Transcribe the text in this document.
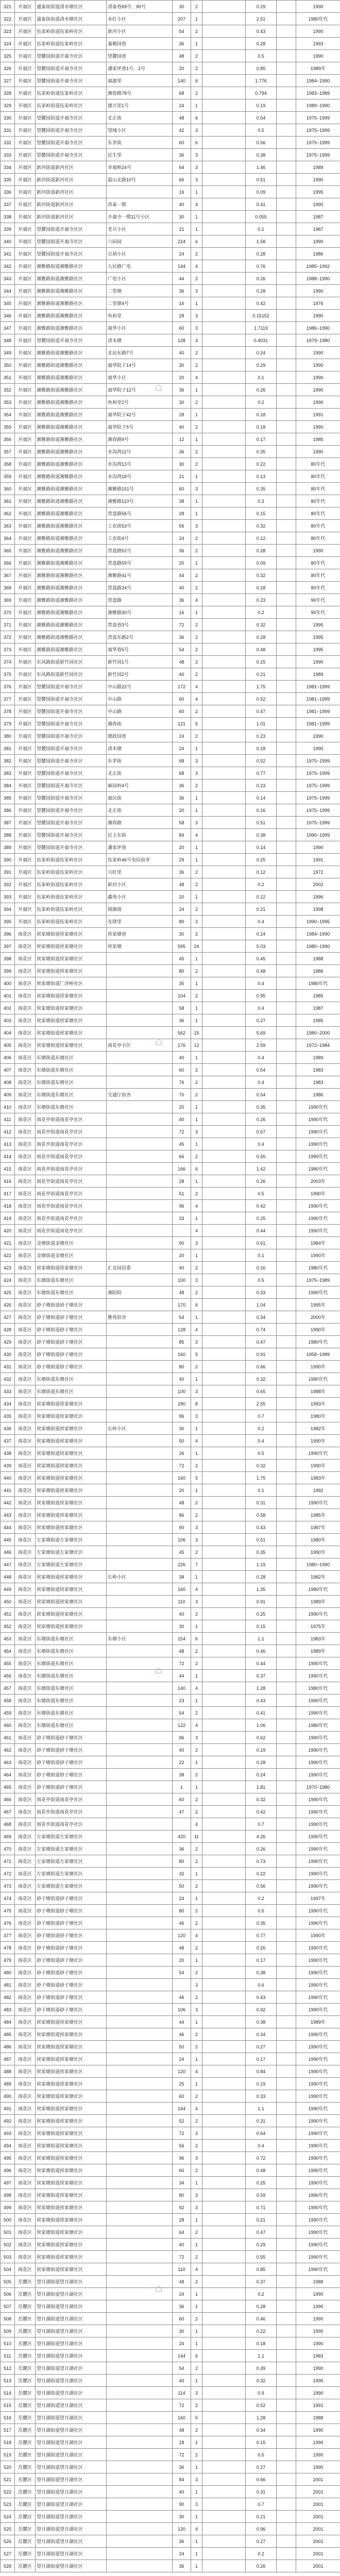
321	开福区	通泰街街道清水塘社区	清泰巷69号、90号	30	2		0.29		1990
322	开福区	通泰街街道清水塘社区	永红小区	207	1		2.51		1980年代
323	开福区	伍家岭街道伍家岭社区	新河小区	54	2		0.43		1990
324	开福区	伍家岭街道伍家岭社区	嘉顺园巷	36	1		0.28		1993
325	开福区	望麓园街道开福寺社区	望麓园巷	48	2		0.5		1990
326	开福区	望麓园街道开福寺社区	潘家坪巷1号、2号	20	2		0.85		1989年
327	开福区	望麓园街道开福寺社区	福源里	140	6		1.776		1984~1990
328	开福区	伍家岭街道伍家岭社区	湘春路78号	68	2		0.794		1983~1989
329	开福区	伍家岭街道伍家岭社区	德兴里1号	24	1		0.19		1989~1990
330	开福区	望麓园街道开福寺社区	北正街	48	6		0.54		1975~1999
331	开福区	望麓园街道开福寺社区	望城小区	42	3		0.5		1975~1999
332	开福区	望麓园街道开福寺社区	东茅街	60	6		0.56		1975~1999
333	开福区	望麓园街道开福寺社区	民生里	36	3		0.38		1975~1999
334	开福区	新河街道新河社区	幸福桥24号	64	3		1.46		1989
335	开福区	新河街道新河社区	韶山北路10号	66	3		0.51		1990
336	开福区	新河街道新河社区		16	1		0.09		1995
337	开福区	新河街道新河社区	洪泰一期	40	4		0.41		1990
338	开福区	新河街道新河社区	开福寺一期11号小区	30	1		0.055		1987
339	开福区	望麓园街道开福寺社区	老兵小区	21	1		0.1		1987
340	开福区	望麓园街道开福寺社区	六码园	224	6		1.58		1990
341	开福区	望麓园街道开福寺社区	宗胡小区	24	2		0.28		1986
342	开福区	湘雅路街道湘雅路社区	人民路广电	144	4		0.76		1985~1992
343	开福区	湘雅路街道湘雅路社区	广电小区	44	2		0.26		1988~1990
344	开福区	湘雅路街道湘雅路社区	二里塘	36	3		0.28		1990
345	开福区	湘雅路街道湘雅路社区	二里塘4号	16	1		0.42		1976
346	开福区	湘雅路街道湘雅路社区	鱼和堂	28	3		0.15152		1990
347	开福区	湘雅路街道湘雅路社区	福华小区	60	3		1.7119		1986~1990
348	开福区	望麓园街道开福寺社区	清水塘	128	4		0.4031		1979~1980
349	开福区	湘雅路街道湘雅路社区	北站东路7号	40	2		0.24		1990
350	开福区	湘雅路街道湘雅路社区	福华院子14号	30	2		0.29		1990
351	开福区	湘雅路街道湘雅路社区	福华小区	20	4		0.1		1990
352	开福区	湘雅路街道湘雅路社区	福华院子12号	36	1		0.26		1990
353	开福区	湘雅路街道湘雅路社区	鱼和堂2号	30	2		0.2		1990
354	开福区	湘雅路街道湘雅路社区	福华院子42号	28	1		0.18		1991
355	开福区	湘雅路街道湘雅路社区	福华院子5号	40	2		0.18		1990
356	开福区	湘雅路街道湘雅路社区	湘春路9号	12	1		0.17		1985
357	开福区	湘雅路街道湘雅路社区	水沟湾11号	36	2		0.35		1990
358	开福区	湘雅路街道湘雅路社区	水沟湾13号	30	2		0.22		80年代
359	开福区	湘雅路街道湘雅路社区	水沟湾18号	21	1		0.13		80年代
360	开福区	湘雅路街道湘雅路社区	湘雅路151号	60	3		0.35		80年代
361	开福区	湘雅路街道湘雅路社区	湘雅路110号	38	1		0.3		80年代
362	开福区	湘雅路街道湘雅路社区	营盘路56号	28	1		0.15		80年代
363	开福区	湘雅路街道湘雅路社区	工农街53号	56	3		0.32		80年代
364	开福区	湘雅路街道湘雅路社区	工农街4号	24	2		0.12		80年代
365	开福区	湘雅路街道湘雅路社区	营盘路52号	36	2		0.28		1990
366	开福区	湘雅路街道湘雅路社区	营盘路59号	20	1		0.09		80年代
367	开福区	湘雅路街道湘雅路社区	湘雅路41号	44	2		0.32		80年代
368	开福区	湘雅路街道湘雅路社区	营盘路24号	40	2		0.18		80年代
369	开福区	湘雅路街道湘雅路社区	营盘路	36	4		0.23		90年代
370	开福区	湘雅路街道湘雅路社区	湘雅路30号	16	1		0.2		90年代
371	开福区	湘雅路街道湘雅路社区	营盘巷3号	72	2		0.32		1995
372	开福区	湘雅路街道湘雅路社区	营盘东路2号	36	2		0.28		1995
373	开福区	湘雅路街道湘雅路社区	福华巷5号	54	2		0.48		1995
374	开福区	东风路街道新竹园社区	新竹园1号	48	2		0.15		1990
375	开福区	东风路街道新竹园社区	新竹园2号	40	2		0.21		1989
376	开福区	望麓园街道开福寺社区	中山路22号	172	4		1.75		1981~1999
377	开福区	望麓园街道开福寺社区	中山路	60	4		0.52		1981~1999
378	开福区	望麓园街道开福寺社区	中山路	60	2		0.47		1981~1999
379	开福区	望麓园街道开福寺社区	湘春街	121	5		1.01		1981~1999
380	开福区	望麓园街道开福寺社区	德政园巷	24	2		0.23		1990
381	开福区	望麓园街道开福寺社区	清水塘	24	1		0.18		1990
382	开福区	望麓园街道开福寺社区	东茅街	68	3		0.52		1975~1999
383	开福区	望麓园街道开福寺社区	北正街	68	3		0.77		1975~1999
384	开福区	望麓园街道开福寺社区	麻园岭4号	36	2		0.23		1975~1999
385	开福区	望麓园街道开福寺社区	福庆街	36	1		0.14		1975~1999
386	开福区	望麓园街道开福寺社区	北正街	20	1		0.16		1975~1999
387	开福区	望麓园街道开福寺社区	湘春路	58	3		0.51		1975~1999
388	开福区	望麓园街道开福寺社区	民主东街	84	4		0.38		1990~1999
389	开福区	望麓园街道开福寺社区	潘家坪巷	20	1		0.14		1990
390	开福区	伍家岭街道伍家岭社区	伍家岭46号电信宿舍	29	1		0.25		1991
391	开福区	伍家岭街道伍家岭社区	兴旺里	36	2		0.12		1972
392	开福区	伍家岭街道伍家岭社区	新河小区	48	2		0.2		2002
393	开福区	伍家岭街道伍家岭社区	鑫苑小区	20	1		0.12		1996
394	开福区	伍家岭街道伍家岭社区	锦旗坡	24	2		0.21		1998
395	开福区	伍家岭街道伍家岭社区	先锋里	80	3		0.4		1990~1995
396	雨花区	侯家塘街道侯家塘社区	侯家塘巷	30	2		0.24		1984~1990
397	雨花区	侯家塘街道侯家塘社区	侯家塘	595	24		5.03		1980~1990
398	雨花区	侯家塘街道侯家塘社区		45	1		0.45		1988
399	雨花区	侯家塘街道侯家塘社区		80	2		0.48		1986
400	雨花区	侯家塘街道广济桥社区		35	1		0.4		1980年代
401	雨花区	侯家塘街道侯家塘社区		104	2		0.95		1985
402	雨花区	侯家塘街道侯家塘社区		58	1		0.4		1987
403	雨花区	侯家塘街道侯家塘社区		36	1		0.27		1985
404	雨花区	侯家塘街道侯家塘社区		562	15		5.69		1980~2000
405	雨花区	侯家塘街道侯家塘社区	雨花亭小区	176	12		2.59		1972~1984
406	雨花区	东塘街道东塘社区		40	1		0.4		1989
407	雨花区	东塘街道东塘社区		60	2		0.54		1983
408	雨花区	东塘街道东塘社区		76	2		0.4		1983
409	雨花区	东塘街道东塘社区	交通厅宿舍	70	2		0.54		1986
410	雨花区	东塘街道东塘社区		20	1		0.35		1990年代
411	雨花区	雨花亭街道雨花亭社区		40	1		0.26		1990年代
412	雨花区	雨花亭街道雨花亭社区		72	3		0.67		1990年代
413	雨花区	雨花亭街道雨花亭社区		45	1		0.4		1990年代
414	雨花区	雨花亭街道雨花亭社区		66	2		0.55		1990年代
415	雨花区	雨花亭街道雨花亭社区		166	6		1.42		1980年代
416	雨花区	雨花亭街道雨花亭社区		28	1		0.26		2003年
417	雨花区	雨花亭街道雨花亭社区		51	2		0.5		1990年
418	雨花区	雨花亭街道雨花亭社区		96	4		0.42		1990年代
419	雨花区	雨花亭街道雨花亭社区		33	1		0.25		1990年代
420	雨花区	雨花亭街道雨花亭社区			4		0.44		1990年代
421	雨花区	金塘街道金塘社区		90	3		0.61		1984年
422	雨花区	金塘街道金塘社区		20	1		0.1		1990年
423	雨花区	侯家塘街道侯家塘社区	汇友园居委	40	2		0.16		1980年代
424	雨花区	东塘街道东塘社区		100	3		0.5		1975~1989
425	雨花区	东塘街道东塘社区	湘防院	48	2		0.33		1990年代
426	雨花区	砂子塘街道砂子塘社区		170	6		1.04		1995年
427	雨花区	砂子塘街道砂子塘社区	雅苑宿舍	54	1		0.34		2000年
428	雨花区	砂子塘街道砂子塘社区		128	4		0.74		1990年
429	雨花区	砂子塘街道砂子塘社区		85	2		0.47		1980年代
430	雨花区	砂子塘街道砂子塘社区		160	5		0.91		1958~1989
431	雨花区	砂子塘街道砂子塘社区		80	2		0.66		1990年
432	雨花区	东塘街道东塘社区		40	1		0.32		1990年代
433	雨花区	东塘街道东塘社区		100	3		0.65		1988年
434	雨花区	侯家塘街道侯家塘社区		290	8		2.55		1993年
435	雨花区	侯家塘街道侯家塘社区		96	3		0.7		1980年
436	雨花区	侯家塘街道侯家塘社区	长岭小区	30	1		0.2		1982年
437	雨花区	侯家塘街道侯家塘社区		50	4		0.4		1990年
438	雨花区	侯家塘街道侯家塘社区		26	1		0.5		1990年代
439	雨花区	侯家塘街道侯家塘社区		72	2		0.32		1990年
440	雨花区	侯家塘街道侯家塘社区		160	5		1.75		1983年
441	雨花区	侯家塘街道侯家塘社区		20	1		0.1		1992
442	雨花区	侯家塘街道侯家塘社区		48	2		0.31		1990年代
443	雨花区	侯家塘街道侯家塘社区		86	2		0.58		1985年
444	雨花区	侯家塘街道侯家塘社区		90	3		0.43		1987年
445	雨花区	左家塘街道左家塘社区		106	3		0.51		1980年
446	雨花区	左家塘街道左家塘社区		45	2		0.35		1990年
447	雨花区	左家塘街道左家塘社区		226	7		1.19		1980~1990
448	雨花区	侯家塘街道侯家塘社区	长岭小区	38	1		0.28		1982年
449	雨花区	侯家塘街道侯家塘社区		160	4		1.35		1980年代
450	雨花区	侯家塘街道侯家塘社区		110	3		0.91		1989年
451	雨花区	侯家塘街道侯家塘社区		40	2		0.25		1990年代
452	雨花区	侯家塘街道侯家塘社区		30	1		0.15		1975年
453	雨花区	东塘街道东塘社区	东塘小区	154	6		1.1		1983年
454	雨花区	东塘街道东塘社区		48	2		0.46		1989年
455	雨花区	东塘街道东塘社区		72	2		0.44		1990年代
456	雨花区	东塘街道东塘社区		44	1		0.37		1990年代
457	雨花区	东塘街道东塘社区		140	4		1.28		1980年代
458	雨花区	东塘街道东塘社区		23	1		0.43		1990年代
459	雨花区	东塘街道东塘社区		54	2		0.41		1990年代
460	雨花区	东塘街道东塘社区		122	4		1.06		1980年代
461	雨花区	砂子塘街道砂子塘社区		96	3		0.62		1990年代
462	雨花区	砂子塘街道砂子塘社区		40	2		0.19		1990年代
463	雨花区	砂子塘街道砂子塘社区		22	1		0.28		1990年代
464	雨花区	砂子塘街道砂子塘社区		38	2		0.24		1990年代
465	雨花区	砂子塘街道砂子塘社区		1	1		1.81		1970~1980
466	雨花区	雨花亭街道雨花亭社区		60	2		0.32		1990年代
467	雨花区	雨花亭街道雨花亭社区		47	2		0.42		1990年代
468	雨花区	雨花亭街道雨花亭社区			4		0.7		1990年代
469	雨花区	左家塘街道左家塘社区		420	11		4.26		1990年代
470	雨花区	左家塘街道左家塘社区		36	2		0.26		1990年代
471	雨花区	左家塘街道左家塘社区		80	2		0.73		1990年代
472	雨花区	左家塘街道左家塘社区		32	1		0.22		1990年代
473	雨花区	左家塘街道左家塘社区		50	2		0.56		1990年代
474	雨花区	砂子塘街道砂子塘社区		24	1		0.2		1997年
475	雨花区	砂子塘街道砂子塘社区		80	2		0.5		1990年代
476	雨花区	砂子塘街道砂子塘社区		46	2		0.35		1990年代
477	雨花区	砂子塘街道砂子塘社区		120	4		0.77		1990年
478	雨花区	砂子塘街道砂子塘社区		48	2		0.26		1990年代
479	雨花区	砂子塘街道砂子塘社区		20	1		0.17		1990年代
480	雨花区	砂子塘街道砂子塘社区		54	2		0.38		1990年代
481	雨花区	砂子塘街道砂子塘社区			3		0.6		1990年代
482	雨花区	砂子塘街道砂子塘社区		46	2		0.43		1990年代
483	雨花区	砂子塘街道砂子塘社区		106	3		0.92		1990年代
484	雨花区	侯家塘街道侯家塘社区		44	1		0.38		1989年
485	雨花区	侯家塘街道侯家塘社区		46	2		0.34		1990年代
486	雨花区	侯家塘街道侯家塘社区		50	2		0.27		1990年代
487	雨花区	侯家塘街道侯家塘社区		24	1		0.17		1990年代
488	雨花区	侯家塘街道侯家塘社区		120	4		0.84		1990年代
489	雨花区	侯家塘街道侯家塘社区		25	1		0.19		1990年代
490	雨花区	侯家塘街道侯家塘社区		60	2		0.33		1990年代
491	雨花区	侯家塘街道侯家塘社区		144	4		1.1		1990年代
492	雨花区	侯家塘街道侯家塘社区		52	2		0.31		1990年代
493	雨花区	侯家塘街道侯家塘社区		72	3		0.64		1990年代
494	雨花区	侯家塘街道侯家塘社区		56	2		0.4		1990年代
495	雨花区	侯家塘街道侯家塘社区		96	3		0.72		1990年代
496	雨花区	侯家塘街道侯家塘社区		60	2		0.48		1990年代
497	雨花区	侯家塘街道侯家塘社区		34	1		0.25		1990年代
498	雨花区	侯家塘街道侯家塘社区		80	3		0.59		1990年代
499	雨花区	侯家塘街道侯家塘社区		92	3		0.71		1990年代
500	雨花区	侯家塘街道侯家塘社区		28	1		0.21		1990年代
501	雨花区	侯家塘街道侯家塘社区		64	2		0.47		1990年代
502	雨花区	侯家塘街道侯家塘社区		40	1		0.29		1990年代
503	雨花区	侯家塘街道侯家塘社区		72	2		0.55		1990年代
504	雨花区	侯家塘街道侯家塘社区		110	4		0.85		1990年代
505	岳麓区	望月湖街道望月湖社区		48	2		0.37		1988
506	岳麓区	望月湖街道望月湖社区		24	1		0.2		1990
507	岳麓区	望月湖街道望月湖社区		36	1		0.28		1990
508	岳麓区	望月湖街道望月湖社区		60	2		0.46		1990
509	岳麓区	望月湖街道望月湖社区		30	1		0.22		1990
510	岳麓区	望月湖街道望月湖社区		24	1		0.18		1990
511	岳麓区	望月湖街道望月湖社区		144	6		1.1		1983
512	岳麓区	望月湖街道望月湖社区		54	2		0.39		1990
513	岳麓区	望月湖街道望月湖社区		40	1		0.32		1990
514	岳麓区	望月湖街道望月湖社区		114	3		0.9		1990
515	岳麓区	望月湖街道望月湖社区		72	2		0.52		1991
516	岳麓区	望月湖街道望月湖社区		160	5		1.28		1988
517	岳麓区	望月湖街道望月湖社区		48	2		0.34		1990
518	岳麓区	望月湖街道望月湖社区		18	1		0.15		1990
519	岳麓区	望月湖街道望月湖社区		72	2		0.5		1990
520	岳麓区	望月湖街道望月湖社区		36	1		0.27		1990
521	岳麓区	望月湖街道望月湖社区		84	3		0.66		2001
522	岳麓区	望月湖街道望月湖社区		40	1		0.31		2001
523	岳麓区	望月湖街道望月湖社区		90	3		0.7		2001
524	岳麓区	望月湖街道望月湖社区		30	1		0.21		2001
525	岳麓区	望月湖街道望月湖社区		120	4		0.96		2001
526	岳麓区	望月湖街道望月湖社区		36	1		0.27		2001
527	岳麓区	望月湖街道望月湖社区		24	1		0.2		2001
528	岳麓区	望月湖街道望月湖社区		36	1		0.26		2001
⌂
⌂
⌂
⌂
